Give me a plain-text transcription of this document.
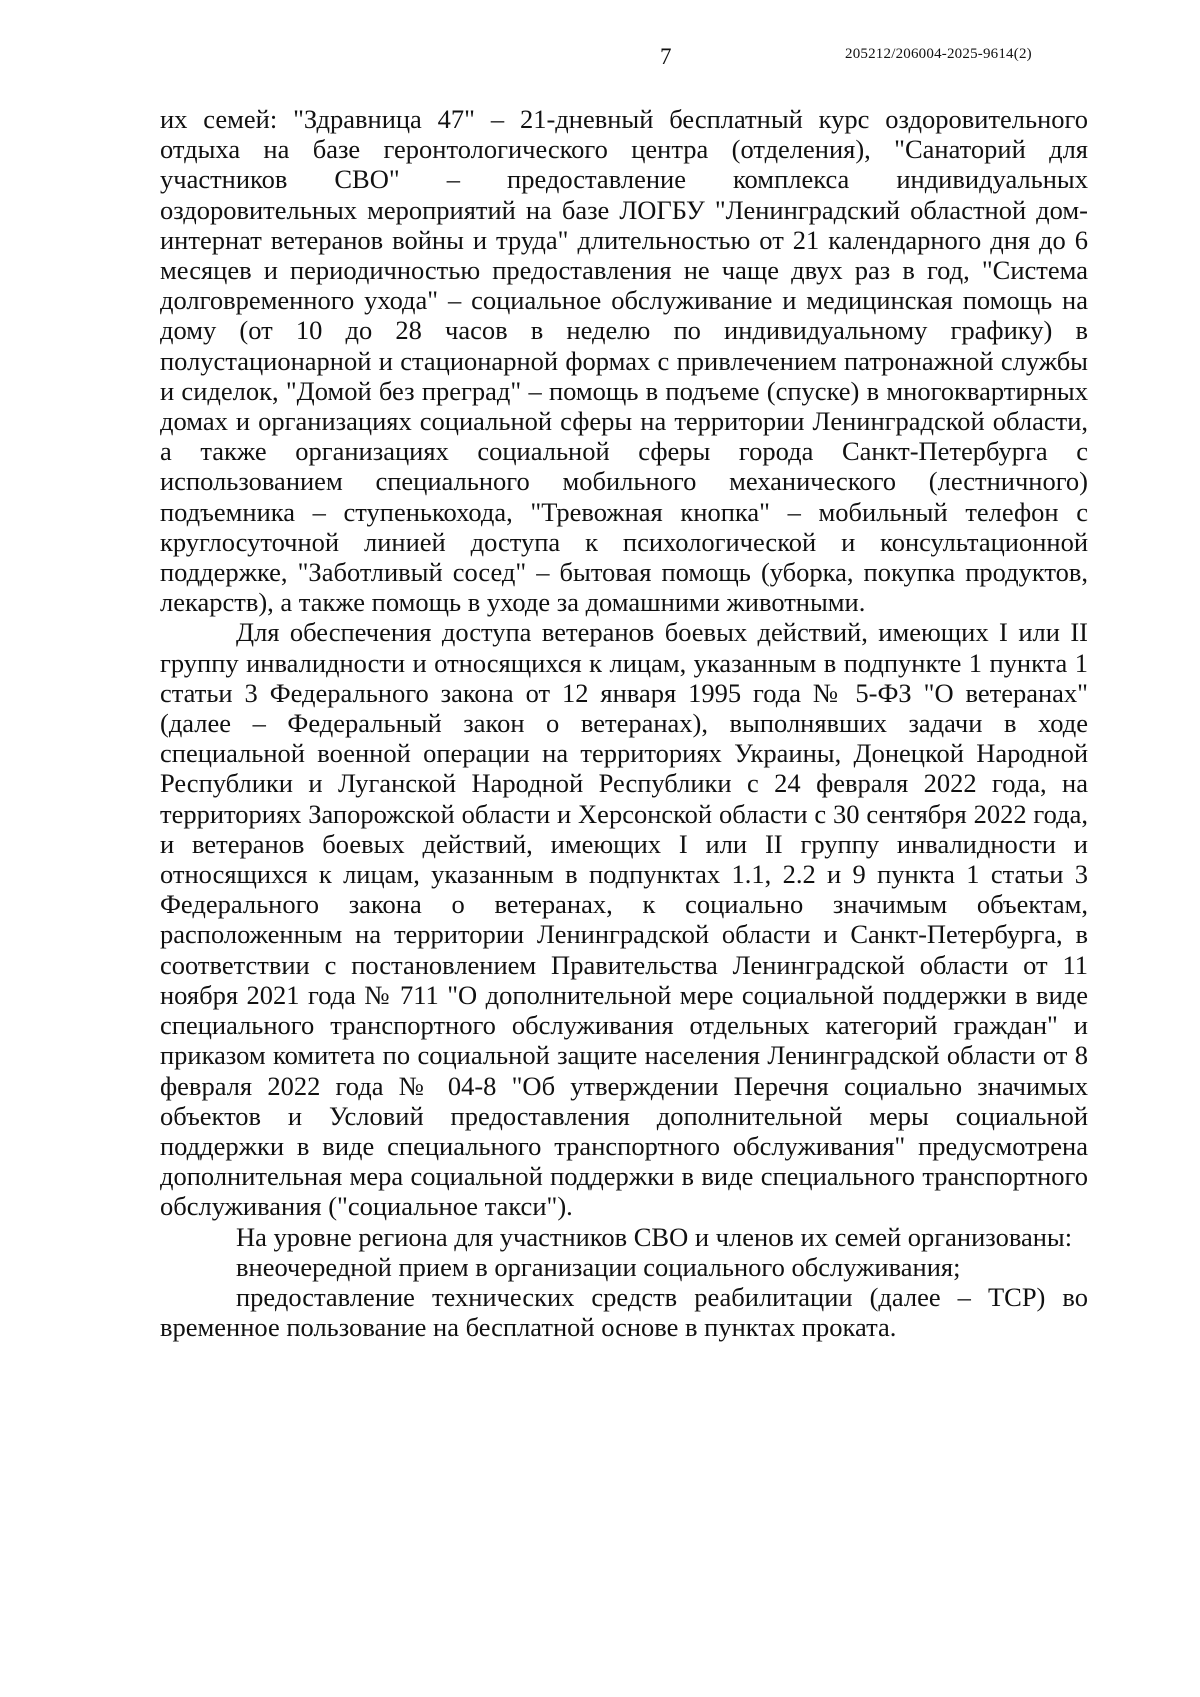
7	205212/206004-2025-9614(2)

их семей: "Здравница 47" – 21-дневный бесплатный курс оздоровительного отдыха на базе геронтологического центра (отделения), "Санаторий для участников СВО" – предоставление комплекса индивидуальных оздоровительных мероприятий на базе ЛОГБУ "Ленинградский областной дом-интернат ветеранов войны и труда" длительностью от 21 календарного дня до 6 месяцев и периодичностью предоставления не чаще двух раз в год, "Система долговременного ухода" – социальное обслуживание и медицинская помощь на дому (от 10 до 28 часов в неделю по индивидуальному графику) в полустационарной и стационарной формах с привлечением патронажной службы и сиделок, "Домой без преград" – помощь в подъеме (спуске) в многоквартирных домах и организациях социальной сферы на территории Ленинградской области, а также организациях социальной сферы города Санкт-Петербурга с использованием специального мобильного механического (лестничного) подъемника – ступенькохода, "Тревожная кнопка" – мобильный телефон с круглосуточной линией доступа к психологической и консультационной поддержке, "Заботливый сосед" – бытовая помощь (уборка, покупка продуктов, лекарств), а также помощь в уходе за домашними животными.

Для обеспечения доступа ветеранов боевых действий, имеющих I или II группу инвалидности и относящихся к лицам, указанным в подпункте 1 пункта 1 статьи 3 Федерального закона от 12 января 1995 года № 5-ФЗ "О ветеранах" (далее – Федеральный закон о ветеранах), выполнявших задачи в ходе специальной военной операции на территориях Украины, Донецкой Народной Республики и Луганской Народной Республики с 24 февраля 2022 года, на территориях Запорожской области и Херсонской области с 30 сентября 2022 года, и ветеранов боевых действий, имеющих I или II группу инвалидности и относящихся к лицам, указанным в подпунктах 1.1, 2.2 и 9 пункта 1 статьи 3 Федерального закона о ветеранах, к социально значимым объектам, расположенным на территории Ленинградской области и Санкт-Петербурга, в соответствии с постановлением Правительства Ленинградской области от 11 ноября 2021 года № 711 "О дополнительной мере социальной поддержки в виде специального транспортного обслуживания отдельных категорий граждан" и приказом комитета по социальной защите населения Ленинградской области от 8 февраля 2022 года № 04-8 "Об утверждении Перечня социально значимых объектов и Условий предоставления дополнительной меры социальной поддержки в виде специального транспортного обслуживания" предусмотрена дополнительная мера социальной поддержки в виде специального транспортного обслуживания ("социальное такси").

На уровне региона для участников СВО и членов их семей организованы:

внеочередной прием в организации социального обслуживания;

предоставление технических средств реабилитации (далее – ТСР) во временное пользование на бесплатной основе в пунктах проката.
